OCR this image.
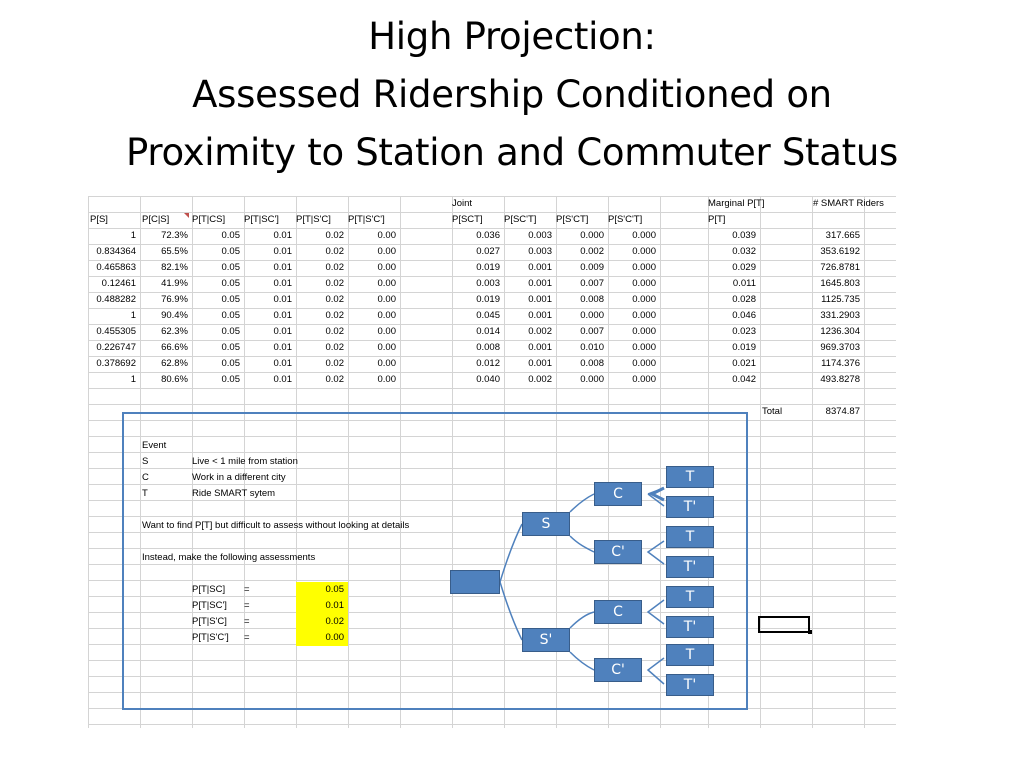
High Projection:
Assessed Ridership Conditioned on
Proximity to Station and Commuter Status
Joint	Marginal P[T]	# SMART Riders
P[S]	P[C|S] P[T|CS] P[T|SC'] P[T|S'C] P[T|S'C']	P[SCT] P[SC'T] P[S'CT] P[S'C'T]	P[T]
1	72.3%	0.05	0.01	0.02	0.00	0.036	0.003	0.000	0.000	0.039	317.665
0.834364	65.5%	0.05	0.01	0.02	0.00	0.027	0.003	0.002	0.000	0.032	353.6192
0.465863	82.1%	0.05	0.01	0.02	0.00	0.019	0.001	0.009	0.000	0.029	726.8781
0.12461	41.9%	0.05	0.01	0.02	0.00	0.003	0.001	0.007	0.000	0.011	1645.803
0.488282	76.9%	0.05	0.01	0.02	0.00	0.019	0.001	0.008	0.000	0.028	1125.735
1	90.4%	0.05	0.01	0.02	0.00	0.045	0.001	0.000	0.000	0.046	331.2903
0.455305	62.3%	0.05	0.01	0.02	0.00	0.014	0.002	0.007	0.000	0.023	1236.304
0.226747	66.6%	0.05	0.01	0.02	0.00	0.008	0.001	0.010	0.000	0.019	969.3703
0.378692	62.8%	0.05	0.01	0.02	0.00	0.012	0.001	0.008	0.000	0.021	1174.376
1	80.6%	0.05	0.01	0.02	0.00	0.040	0.002	0.000	0.000	0.042	493.8278
Total	8374.87
Event
S	Live < 1 mile from station
C	Work in a different city
T	Ride SMART sytem
Want to find P[T] but difficult to assess without looking at details
Instead, make the following assessments
P[T|SC] =	0.05
P[T|SC'] =	0.01
P[T|S'C] =	0.02
P[T|S'C'] =	0.00
S
S'
C
C'
C
C'
T
T'
T
T'
T
T'
T
T'
